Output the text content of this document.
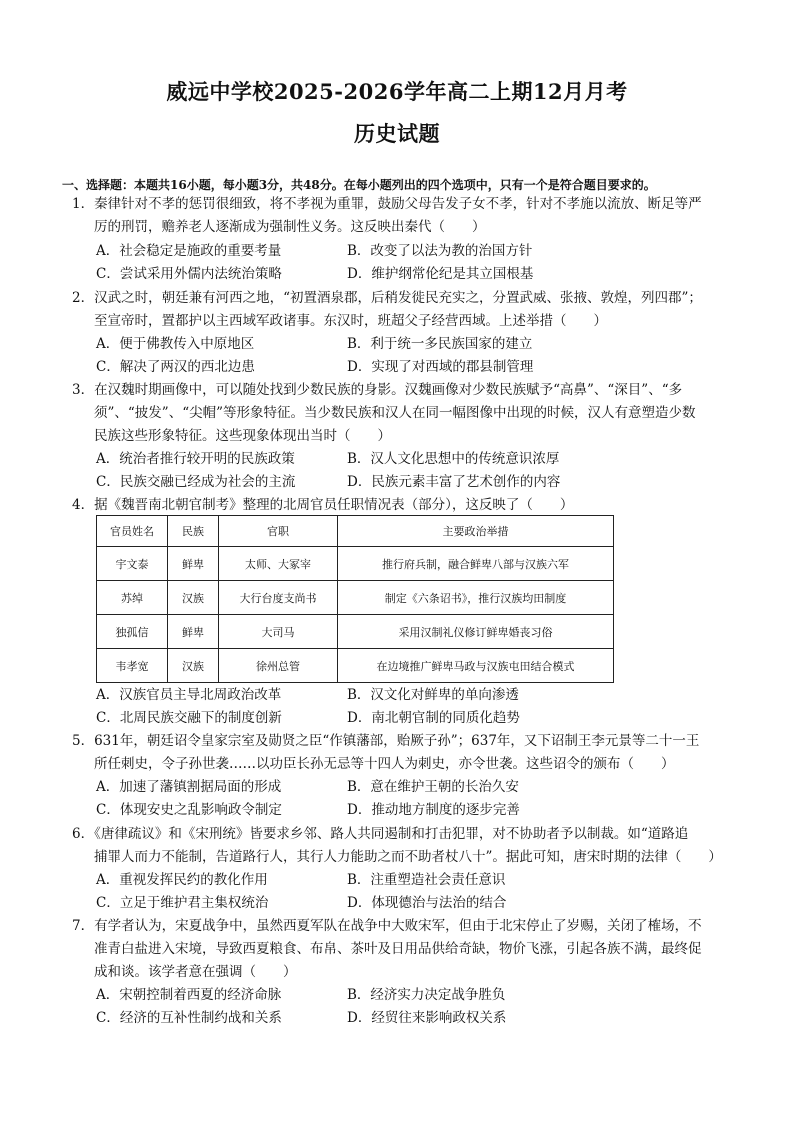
威远中学校2025-2026学年高二上期12月月考
历史试题
一、选择题：本题共16小题，每小题3分，共48分。在每小题列出的四个选项中，只有一个是符合题目要求的。
1．秦律针对不孝的惩罚很细致，将不孝视为重罪，鼓励父母告发子女不孝，针对不孝施以流放、断足等严
厉的刑罚，赡养老人逐渐成为强制性义务。这反映出秦代（　　）
A．社会稳定是施政的重要考量	B．改变了以法为教的治国方针
C．尝试采用外儒内法统治策略	D．维护纲常伦纪是其立国根基
2．汉武之时，朝廷兼有河西之地，“初置酒泉郡，后稍发徙民充实之，分置武威、张掖、敦煌，列四郡”；
至宣帝时，置都护以主西域军政诸事。东汉时，班超父子经营西域。上述举措（　　）
A．便于佛教传入中原地区	B．利于统一多民族国家的建立
C．解决了两汉的西北边患	D．实现了对西域的郡县制管理
3．在汉魏时期画像中，可以随处找到少数民族的身影。汉魏画像对少数民族赋予“高鼻”、“深目”、“多
须”、“披发”、“尖帽”等形象特征。当少数民族和汉人在同一幅图像中出现的时候，汉人有意塑造少数
民族这些形象特征。这些现象体现出当时（　　）
A．统治者推行较开明的民族政策	B．汉人文化思想中的传统意识浓厚
C．民族交融已经成为社会的主流	D．民族元素丰富了艺术创作的内容
4．据《魏晋南北朝官制考》整理的北周官员任职情况表（部分），这反映了（　　）
官员姓名	民族	官职	主要政治举措
宇文泰	鲜卑	太师、大冢宰	推行府兵制，融合鲜卑八部与汉族六军
苏绰	汉族	大行台度支尚书	制定《六条诏书》，推行汉族均田制度
独孤信	鲜卑	大司马	采用汉制礼仪修订鲜卑婚丧习俗
韦孝宽	汉族	徐州总管	在边境推广鲜卑马政与汉族屯田结合模式
A．汉族官员主导北周政治改革	B．汉文化对鲜卑的单向渗透
C．北周民族交融下的制度创新	D．南北朝官制的同质化趋势
5．631年，朝廷诏令皇家宗室及勋贤之臣“作镇藩部，贻厥子孙”；637年，又下诏制王李元景等二十一王
所任刺史，令子孙世袭……以功臣长孙无忌等十四人为刺史，亦令世袭。这些诏令的颁布（　　）
A．加速了藩镇割据局面的形成	B．意在维护王朝的长治久安
C．体现安史之乱影响政令制定	D．推动地方制度的逐步完善
6．《唐律疏议》和《宋刑统》皆要求乡邻、路人共同遏制和打击犯罪，对不协助者予以制裁。如“道路追
捕罪人而力不能制，告道路行人，其行人力能助之而不助者杖八十”。据此可知，唐宋时期的法律（　　）
A．重视发挥民约的教化作用	B．注重塑造社会责任意识
C．立足于维护君主集权统治	D．体现德治与法治的结合
7．有学者认为，宋夏战争中，虽然西夏军队在战争中大败宋军，但由于北宋停止了岁赐，关闭了榷场，不
准青白盐进入宋境，导致西夏粮食、布帛、茶叶及日用品供给奇缺，物价飞涨，引起各族不满，最终促
成和谈。该学者意在强调（　　）
A．宋朝控制着西夏的经济命脉	B．经济实力决定战争胜负
C．经济的互补性制约战和关系	D．经贸往来影响政权关系
